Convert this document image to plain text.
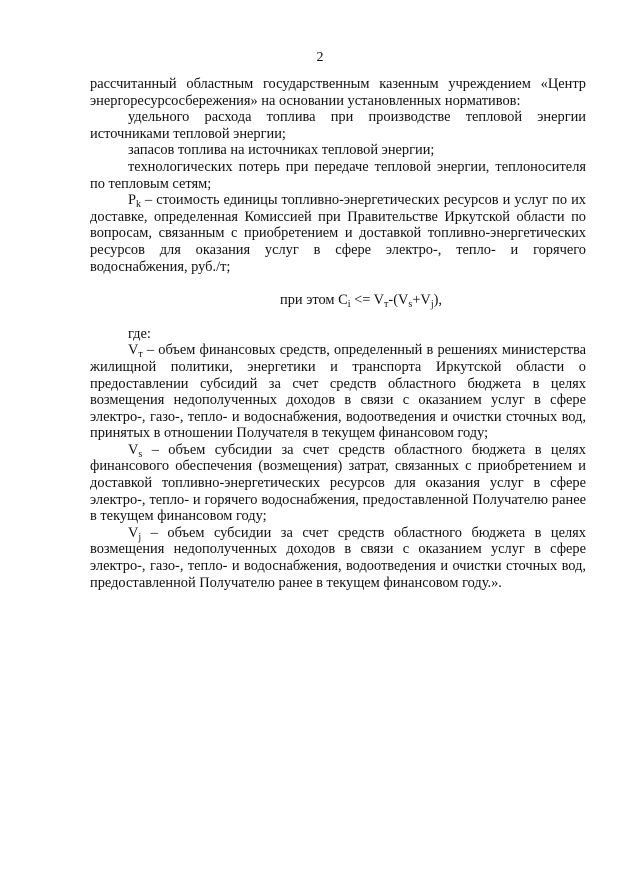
2

рассчитанный областным государственным казенным учреждением «Центр энергоресурсосбережения» на основании установленных нормативов:

удельного расхода топлива при производстве тепловой энергии источниками тепловой энергии;

запасов топлива на источниках тепловой энергии;

технологических потерь при передаче тепловой энергии, теплоносителя по тепловым сетям;

$P_k$ – стоимость единицы топливно-энергетических ресурсов и услуг по их доставке, определенная Комиссией при Правительстве Иркутской области по вопросам, связанным с приобретением и доставкой топливно-энергетических ресурсов для оказания услуг в сфере электро-, тепло- и горячего водоснабжения, руб./т;

при этом $C_i <= V_т-(V_s+V_j)$,

где:

$V_т$ – объем финансовых средств, определенный в решениях министерства жилищной политики, энергетики и транспорта Иркутской области о предоставлении субсидий за счет средств областного бюджета в целях возмещения недополученных доходов в связи с оказанием услуг в сфере электро-, газо-, тепло- и водоснабжения, водоотведения и очистки сточных вод, принятых в отношении Получателя в текущем финансовом году;

$V_s$ – объем субсидии за счет средств областного бюджета в целях финансового обеспечения (возмещения) затрат, связанных с приобретением и доставкой топливно-энергетических ресурсов для оказания услуг в сфере электро-, тепло- и горячего водоснабжения, предоставленной Получателю ранее в текущем финансовом году;

$V_j$ – объем субсидии за счет средств областного бюджета в целях возмещения недополученных доходов в связи с оказанием услуг в сфере электро-, газо-, тепло- и водоснабжения, водоотведения и очистки сточных вод, предоставленной Получателю ранее в текущем финансовом году.».
